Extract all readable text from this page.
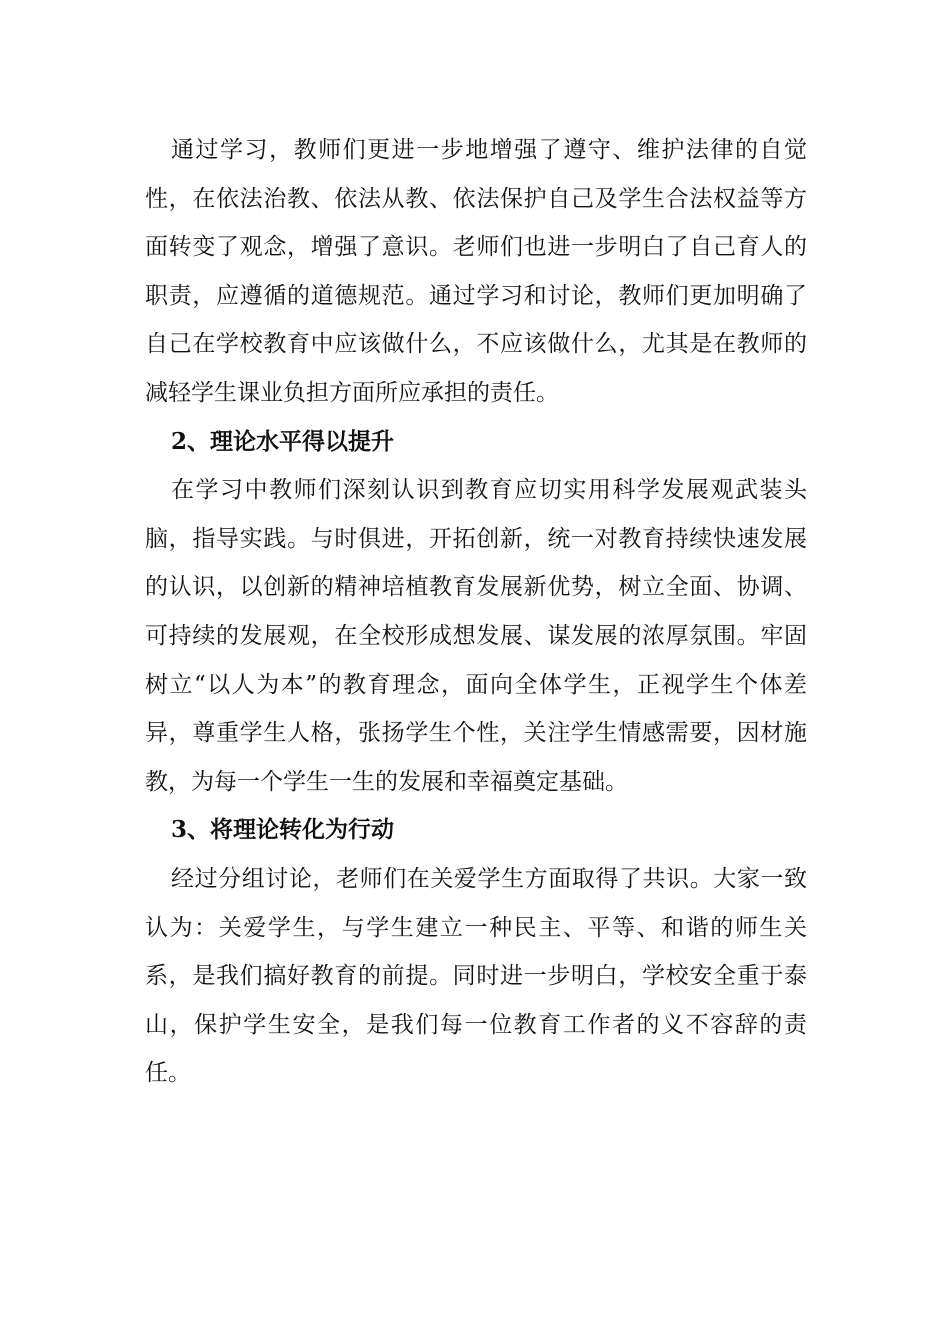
通过学习，教师们更进一步地增强了遵守、维护法律的自觉性，在依法治教、依法从教、依法保护自己及学生合法权益等方面转变了观念，增强了意识。老师们也进一步明白了自己育人的职责，应遵循的道德规范。通过学习和讨论，教师们更加明确了自己在学校教育中应该做什么，不应该做什么，尤其是在教师的减轻学生课业负担方面所应承担的责任。

2、理论水平得以提升

在学习中教师们深刻认识到教育应切实用科学发展观武装头脑，指导实践。与时俱进，开拓创新，统一对教育持续快速发展的认识，以创新的精神培植教育发展新优势，树立全面、协调、可持续的发展观，在全校形成想发展、谋发展的浓厚氛围。牢固树立“以人为本”的教育理念，面向全体学生，正视学生个体差异，尊重学生人格，张扬学生个性，关注学生情感需要，因材施教，为每一个学生一生的发展和幸福奠定基础。

3、将理论转化为行动

经过分组讨论，老师们在关爱学生方面取得了共识。大家一致认为：关爱学生，与学生建立一种民主、平等、和谐的师生关系，是我们搞好教育的前提。同时进一步明白，学校安全重于泰山，保护学生安全，是我们每一位教育工作者的义不容辞的责任。
